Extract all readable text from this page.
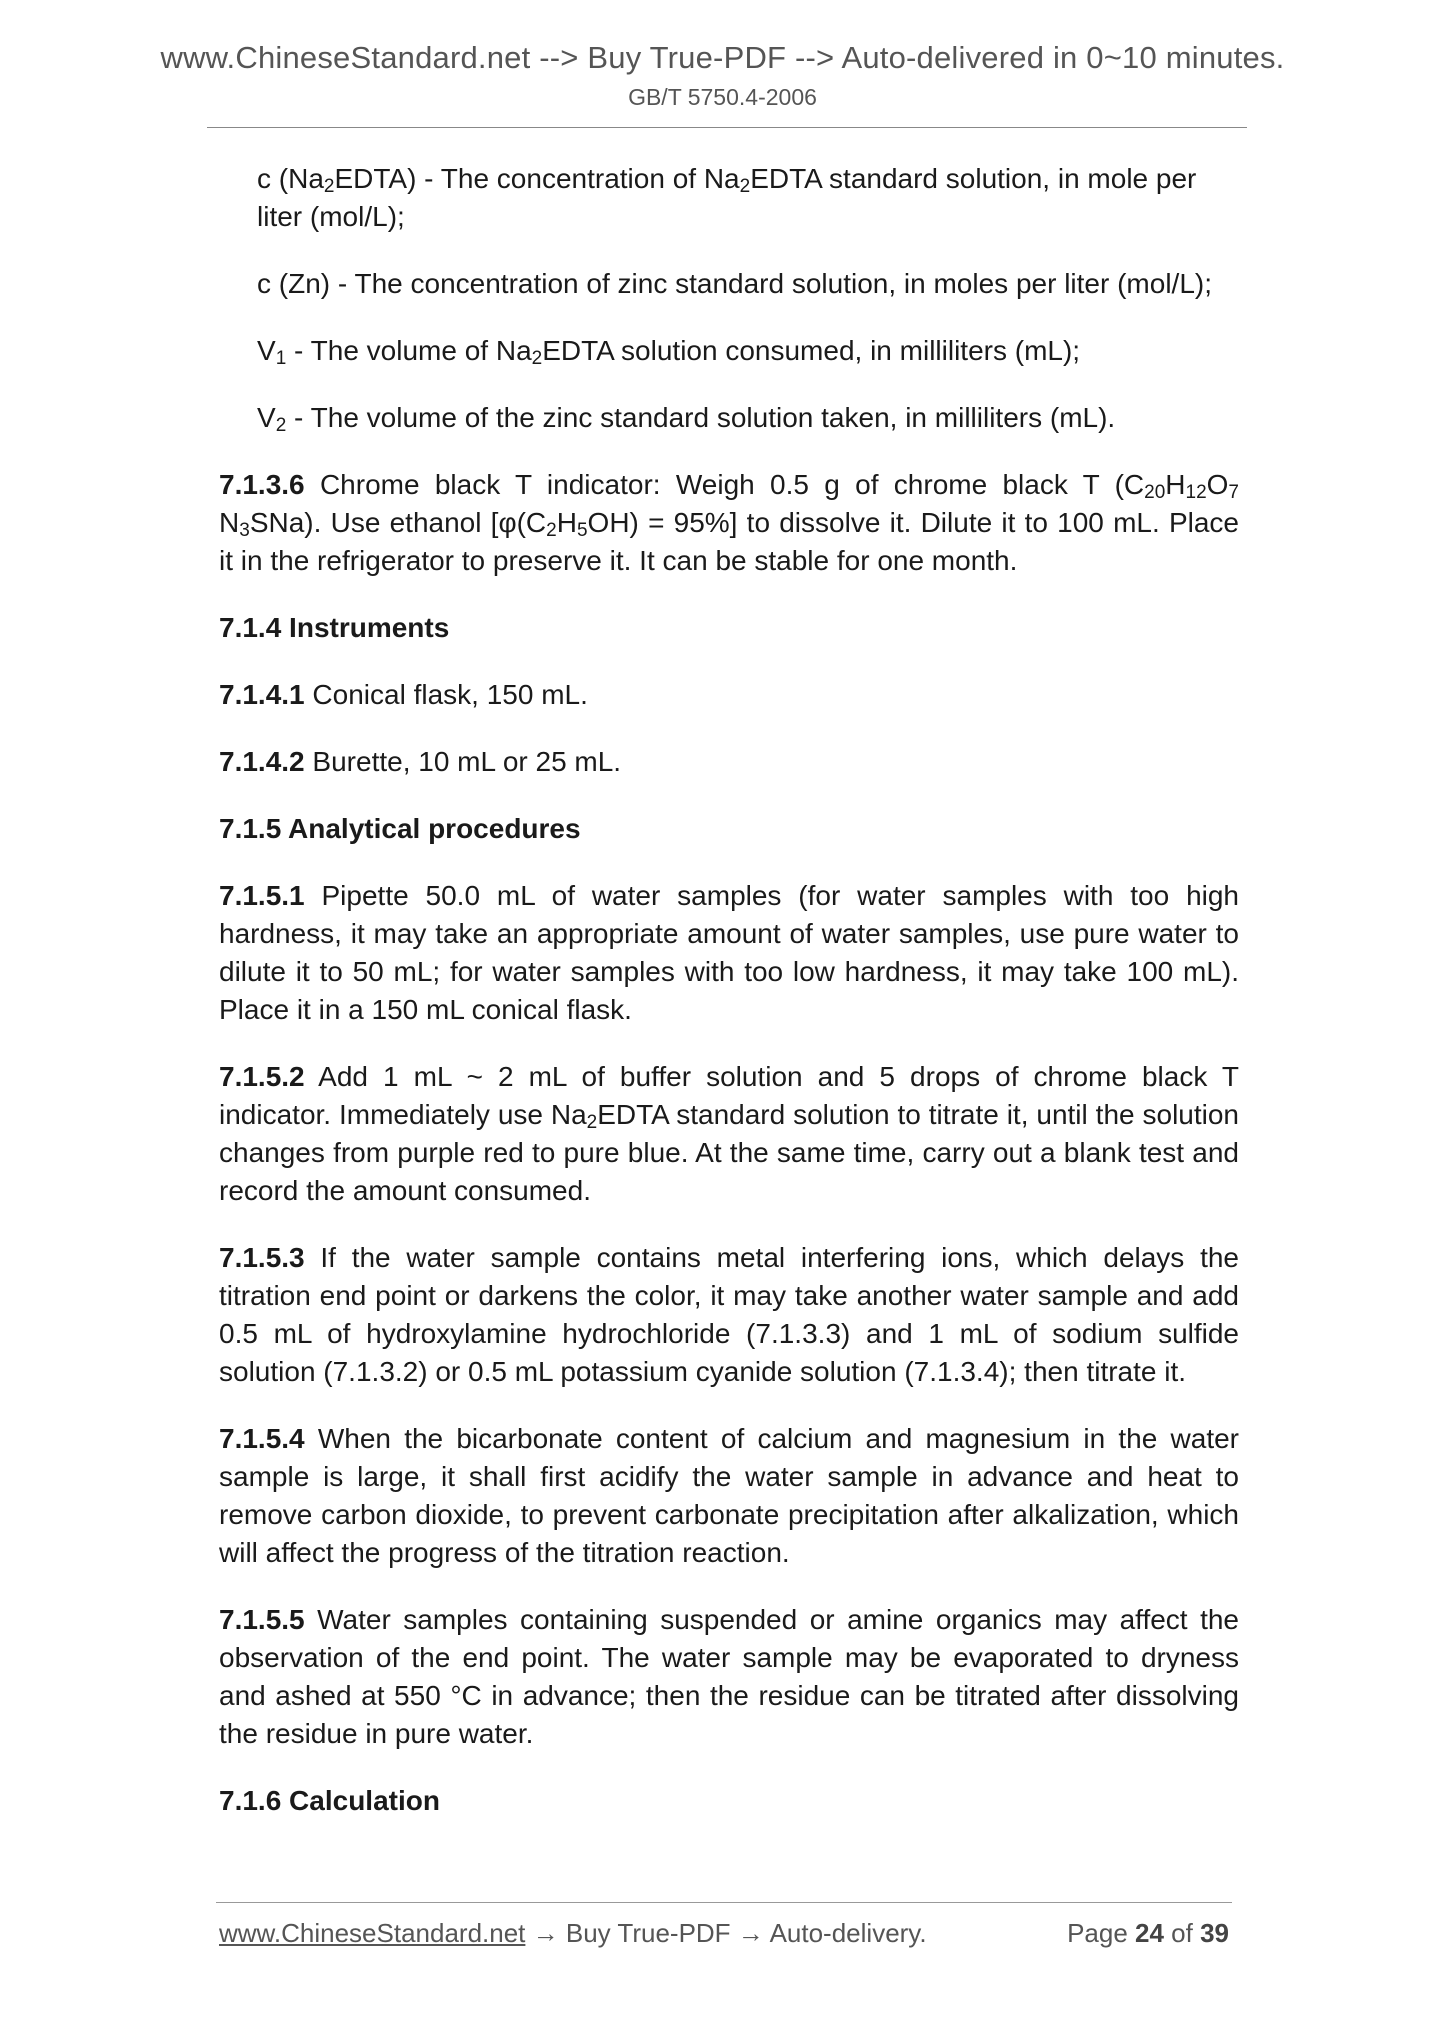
www.ChineseStandard.net --> Buy True-PDF --> Auto-delivered in 0~10 minutes.
GB/T 5750.4-2006

c $(Na_2EDTA)$ - The concentration of $Na_2EDTA$ standard solution, in mole per liter (mol/L);

c (Zn) - The concentration of zinc standard solution, in moles per liter (mol/L);

$V_1$ - The volume of $Na_2EDTA$ solution consumed, in milliliters (mL);

$V_2$ - The volume of the zinc standard solution taken, in milliliters (mL).

7.1.3.6 Chrome black T indicator: Weigh 0.5 g of chrome black T ($C_{20}H_{12}O_7$ $N_3SNa$). Use ethanol $[\varphi(C_2H_5OH) = 95\%]$ to dissolve it. Dilute it to 100 mL. Place it in the refrigerator to preserve it. It can be stable for one month.

7.1.4 Instruments

7.1.4.1 Conical flask, 150 mL.

7.1.4.2 Burette, 10 mL or 25 mL.

7.1.5 Analytical procedures

7.1.5.1 Pipette 50.0 mL of water samples (for water samples with too high hardness, it may take an appropriate amount of water samples, use pure water to dilute it to 50 mL; for water samples with too low hardness, it may take 100 mL). Place it in a 150 mL conical flask.

7.1.5.2 Add 1 mL ~ 2 mL of buffer solution and 5 drops of chrome black T indicator. Immediately use $Na_2EDTA$ standard solution to titrate it, until the solution changes from purple red to pure blue. At the same time, carry out a blank test and record the amount consumed.

7.1.5.3 If the water sample contains metal interfering ions, which delays the titration end point or darkens the color, it may take another water sample and add 0.5 mL of hydroxylamine hydrochloride (7.1.3.3) and 1 mL of sodium sulfide solution (7.1.3.2) or 0.5 mL potassium cyanide solution (7.1.3.4); then titrate it.

7.1.5.4 When the bicarbonate content of calcium and magnesium in the water sample is large, it shall first acidify the water sample in advance and heat to remove carbon dioxide, to prevent carbonate precipitation after alkalization, which will affect the progress of the titration reaction.

7.1.5.5 Water samples containing suspended or amine organics may affect the observation of the end point. The water sample may be evaporated to dryness and ashed at 550 °C in advance; then the residue can be titrated after dissolving the residue in pure water.

7.1.6 Calculation

www.ChineseStandard.net → Buy True-PDF → Auto-delivery.	Page 24 of 39
